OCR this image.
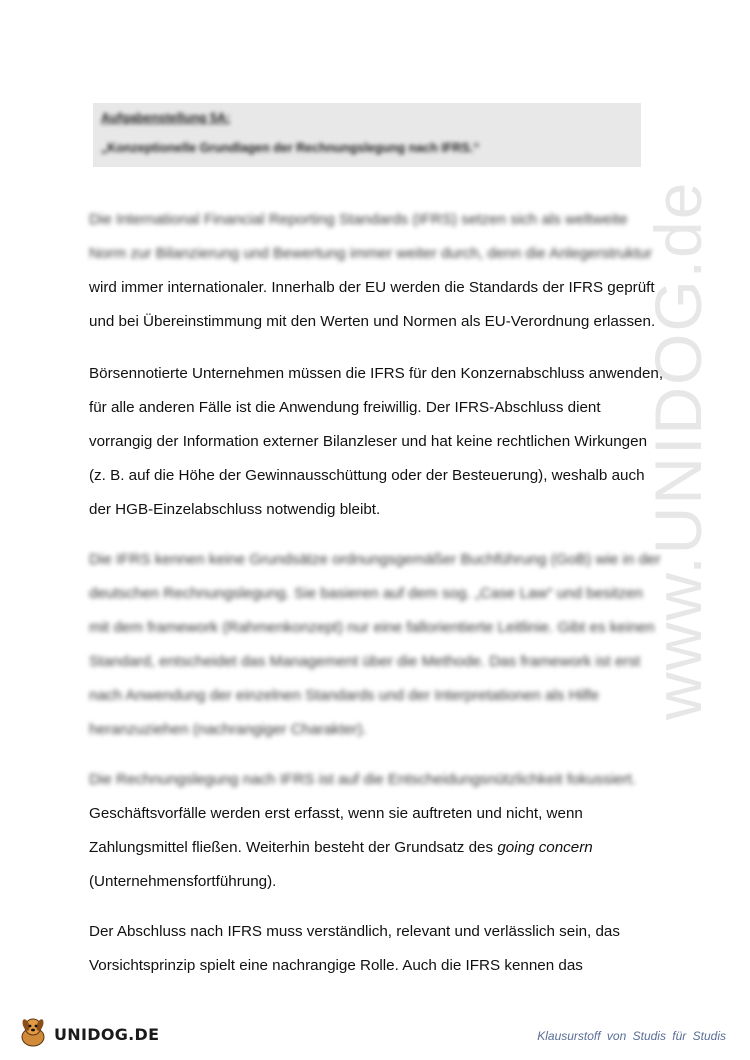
Aufgabenstellung 5A:
„Konzeptionelle Grundlagen der Rechnungslegung nach IFRS.“
www.UNIDOG.de
Die International Financial Reporting Standards (IFRS) setzen sich als weltweite
Norm zur Bilanzierung und Bewertung immer weiter durch, denn die Anlegerstruktur
wird immer internationaler. Innerhalb der EU werden die Standards der IFRS geprüft
und bei Übereinstimmung mit den Werten und Normen als EU-Verordnung erlassen.
Börsennotierte Unternehmen müssen die IFRS für den Konzernabschluss anwenden,
für alle anderen Fälle ist die Anwendung freiwillig. Der IFRS-Abschluss dient
vorrangig der Information externer Bilanzleser und hat keine rechtlichen Wirkungen
(z. B. auf die Höhe der Gewinnausschüttung oder der Besteuerung), weshalb auch
der HGB-Einzelabschluss notwendig bleibt.
Die IFRS kennen keine Grundsätze ordnungsgemäßer Buchführung (GoB) wie in der
deutschen Rechnungslegung. Sie basieren auf dem sog. „Case Law“ und besitzen
mit dem framework (Rahmenkonzept) nur eine fallorientierte Leitlinie. Gibt es keinen
Standard, entscheidet das Management über die Methode. Das framework ist erst
nach Anwendung der einzelnen Standards und der Interpretationen als Hilfe
heranzuziehen (nachrangiger Charakter).
Die Rechnungslegung nach IFRS ist auf die Entscheidungsnützlichkeit fokussiert.
Geschäftsvorfälle werden erst erfasst, wenn sie auftreten und nicht, wenn
Zahlungsmittel fließen. Weiterhin besteht der Grundsatz des going concern
(Unternehmensfortführung).
Der Abschluss nach IFRS muss verständlich, relevant und verlässlich sein, das
Vorsichtsprinzip spielt eine nachrangige Rolle. Auch die IFRS kennen das
UNIDOG.DE	Klausurstoff von Studis für Studis
